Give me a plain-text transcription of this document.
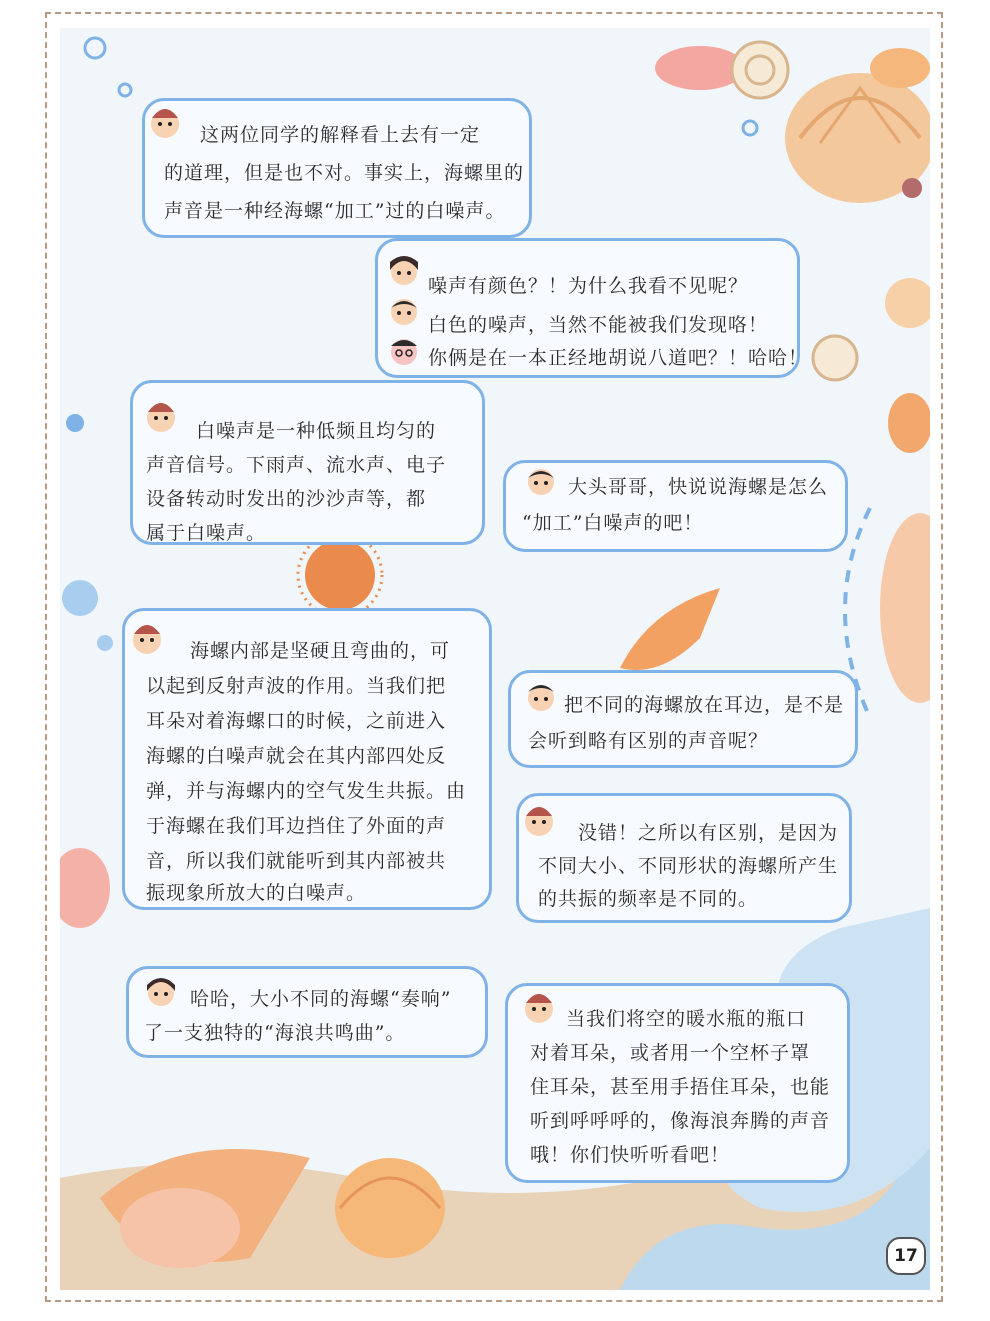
这两位同学的解释看上去有一定
的道理，但是也不对。事实上，海螺里的
声音是一种经海螺“加工”过的白噪声。
噪声有颜色？！为什么我看不见呢？
白色的噪声，当然不能被我们发现咯！
你俩是在一本正经地胡说八道吧？！哈哈！
白噪声是一种低频且均匀的
声音信号。下雨声、流水声、电子
设备转动时发出的沙沙声等，都
属于白噪声。
大头哥哥，快说说海螺是怎么
“加工”白噪声的吧！
海螺内部是坚硬且弯曲的，可
以起到反射声波的作用。当我们把
耳朵对着海螺口的时候，之前进入
海螺的白噪声就会在其内部四处反
弹，并与海螺内的空气发生共振。由
于海螺在我们耳边挡住了外面的声
音，所以我们就能听到其内部被共
振现象所放大的白噪声。
把不同的海螺放在耳边，是不是
会听到略有区别的声音呢？
没错！之所以有区别，是因为
不同大小、不同形状的海螺所产生
的共振的频率是不同的。
哈哈，大小不同的海螺“奏响”
了一支独特的“海浪共鸣曲”。
当我们将空的暖水瓶的瓶口
对着耳朵，或者用一个空杯子罩
住耳朵，甚至用手捂住耳朵，也能
听到呼呼呼的，像海浪奔腾的声音
哦！你们快听听看吧！
17
